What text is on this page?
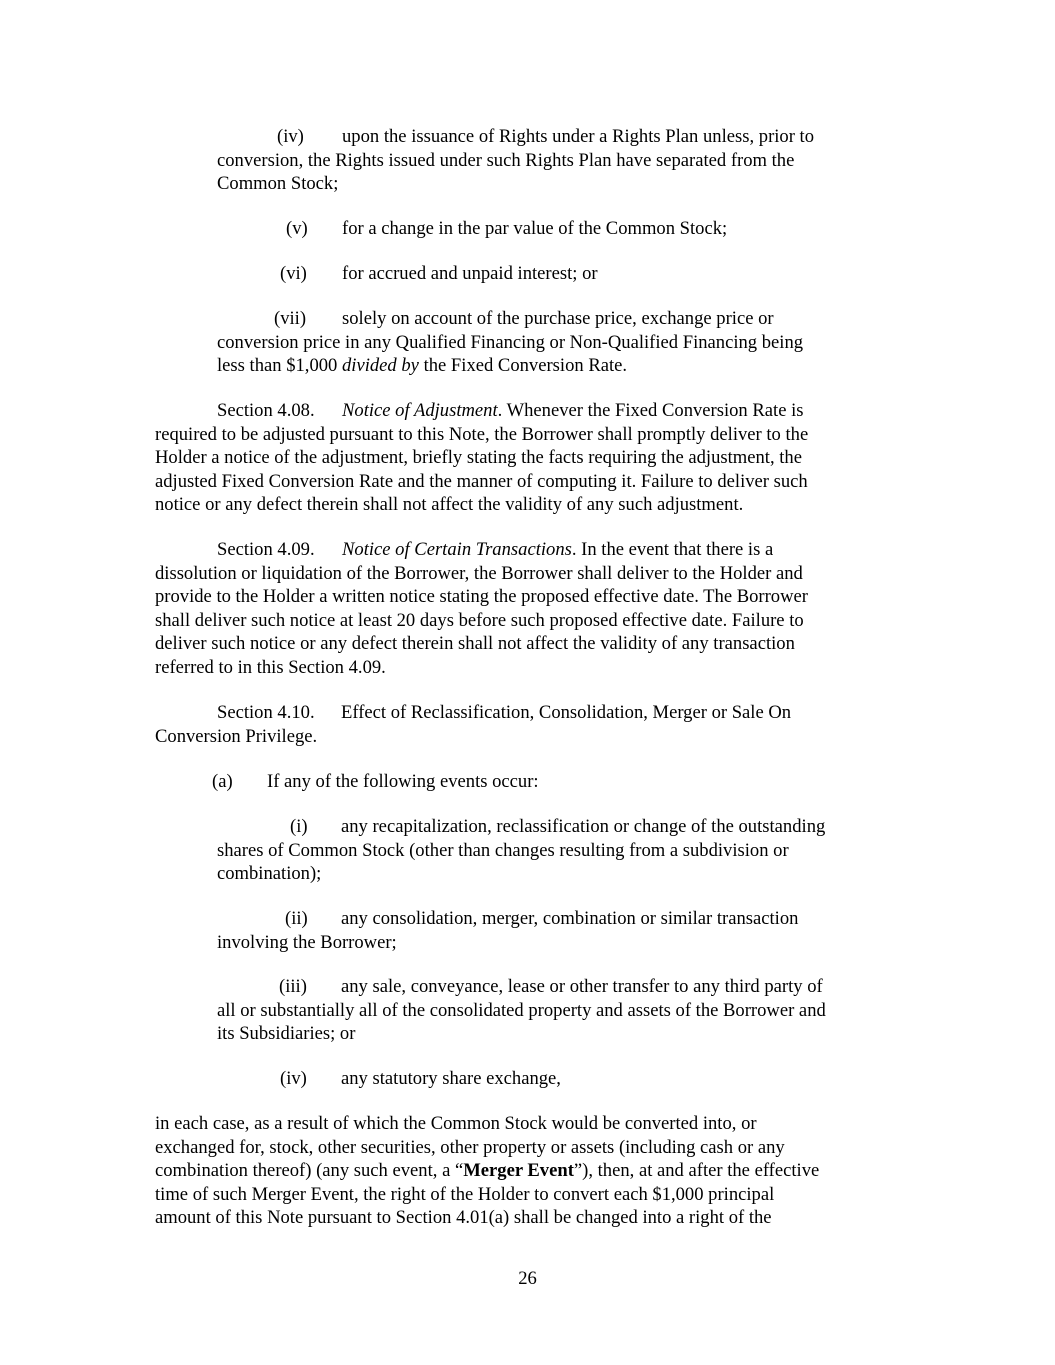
(iv) upon the issuance of Rights under a Rights Plan unless, prior to
conversion, the Rights issued under such Rights Plan have separated from the
Common Stock;
(v) for a change in the par value of the Common Stock;
(vi) for accrued and unpaid interest; or
(vii) solely on account of the purchase price, exchange price or
conversion price in any Qualified Financing or Non-Qualified Financing being
less than $1,000 divided by the Fixed Conversion Rate.
Section 4.08. Notice of Adjustment. Whenever the Fixed Conversion Rate is
required to be adjusted pursuant to this Note, the Borrower shall promptly deliver to the
Holder a notice of the adjustment, briefly stating the facts requiring the adjustment, the
adjusted Fixed Conversion Rate and the manner of computing it. Failure to deliver such
notice or any defect therein shall not affect the validity of any such adjustment.
Section 4.09. Notice of Certain Transactions. In the event that there is a
dissolution or liquidation of the Borrower, the Borrower shall deliver to the Holder and
provide to the Holder a written notice stating the proposed effective date. The Borrower
shall deliver such notice at least 20 days before such proposed effective date. Failure to
deliver such notice or any defect therein shall not affect the validity of any transaction
referred to in this Section 4.09.
Section 4.10. Effect of Reclassification, Consolidation, Merger or Sale On
Conversion Privilege.
(a) If any of the following events occur:
(i) any recapitalization, reclassification or change of the outstanding
shares of Common Stock (other than changes resulting from a subdivision or
combination);
(ii) any consolidation, merger, combination or similar transaction
involving the Borrower;
(iii) any sale, conveyance, lease or other transfer to any third party of
all or substantially all of the consolidated property and assets of the Borrower and
its Subsidiaries; or
(iv) any statutory share exchange,
in each case, as a result of which the Common Stock would be converted into, or
exchanged for, stock, other securities, other property or assets (including cash or any
combination thereof) (any such event, a “Merger Event”), then, at and after the effective
time of such Merger Event, the right of the Holder to convert each $1,000 principal
amount of this Note pursuant to Section 4.01(a) shall be changed into a right of the
26
